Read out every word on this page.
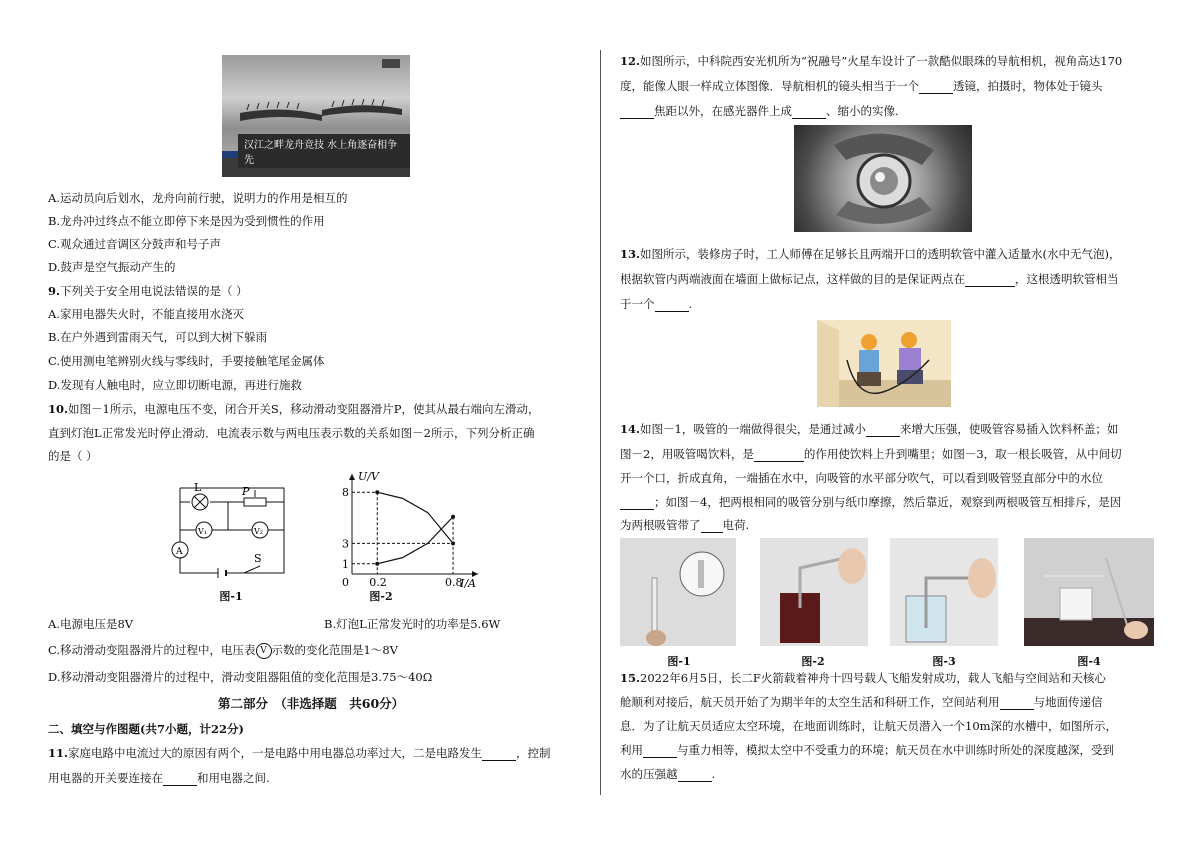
汉江之畔龙舟竞技 水上角逐奋相争先
A.运动员向后划水，龙舟向前行驶，说明力的作用是相互的
B.龙舟冲过终点不能立即停下来是因为受到惯性的作用
C.观众通过音调区分鼓声和号子声
D.鼓声是空气振动产生的
9.下列关于安全用电说法错误的是（ ）
A.家用电器失火时，不能直接用水浇灭
B.在户外遇到雷雨天气，可以到大树下躲雨
C.使用测电笔辨别火线与零线时，手要接触笔尾金属体
D.发现有人触电时，应立即切断电源，再进行施救
10.如图－1所示，电源电压不变，闭合开关S，移动滑动变阻器滑片P，使其从最右端向左滑动，
直到灯泡L正常发光时停止滑动．电流表示数与两电压表示数的关系如图－2所示，下列分析正确
的是（ ）
L	P
V₁	V₂
A	S
图-1
U/V
I/A
0
1
3
8
0.2	0.8
图-2
A.电源电压是8V	B.灯泡L正常发光时的功率是5.6W
C.移动滑动变阻器滑片的过程中，电压表 V 示数的变化范围是1～8V
D.移动滑动变阻器滑片的过程中，滑动变阻器阻值的变化范围是3.75～40Ω
第二部分　（非选择题　共60分）
二、填空与作图题(共7小题，计22分)
11.家庭电路中电流过大的原因有两个，一是电路中用电器总功率过大，二是电路发生	，控制
用电器的开关要连接在	和用电器之间.
12.如图所示，中科院西安光机所为“祝融号”火星车设计了一款酷似眼珠的导航相机，视角高达170
度，能像人眼一样成立体图像．导航相机的镜头相当于一个	透镜，拍摄时，物体处于镜头
焦距以外，在感光器件上成	、缩小的实像.
13.如图所示，装修房子时，工人师傅在足够长且两端开口的透明软管中灌入适量水(水中无气泡)，
根据软管内两端液面在墙面上做标记点，这样做的目的是保证两点在	，这根透明软管相当
于一个	.
14.如图－1，吸管的一端做得很尖，是通过减小	来增大压强，使吸管容易插入饮料杯盖；如
图－2，用吸管喝饮料，是	的作用使饮料上升到嘴里；如图－3，取一根长吸管，从中间切
开一个口，折成直角，一端插在水中，向吸管的水平部分吹气，可以看到吸管竖直部分中的水位
；如图－4，把两根相同的吸管分别与纸巾摩擦，然后靠近，观察到两根吸管互相排斥，是因
为两根吸管带了 电荷.
图-1	图-2	图-3	图-4
15.2022年6月5日，长二F火箭载着神舟十四号载人飞船发射成功，载人飞船与空间站和天核心
舱顺利对接后，航天员开始了为期半年的太空生活和科研工作，空间站利用	与地面传递信
息．为了让航天员适应太空环境，在地面训练时，让航天员潜入一个10m深的水槽中，如图所示，
利用	与重力相等，模拟太空中不受重力的环境；航天员在水中训练时所处的深度越深，受到
水的压强越	.
